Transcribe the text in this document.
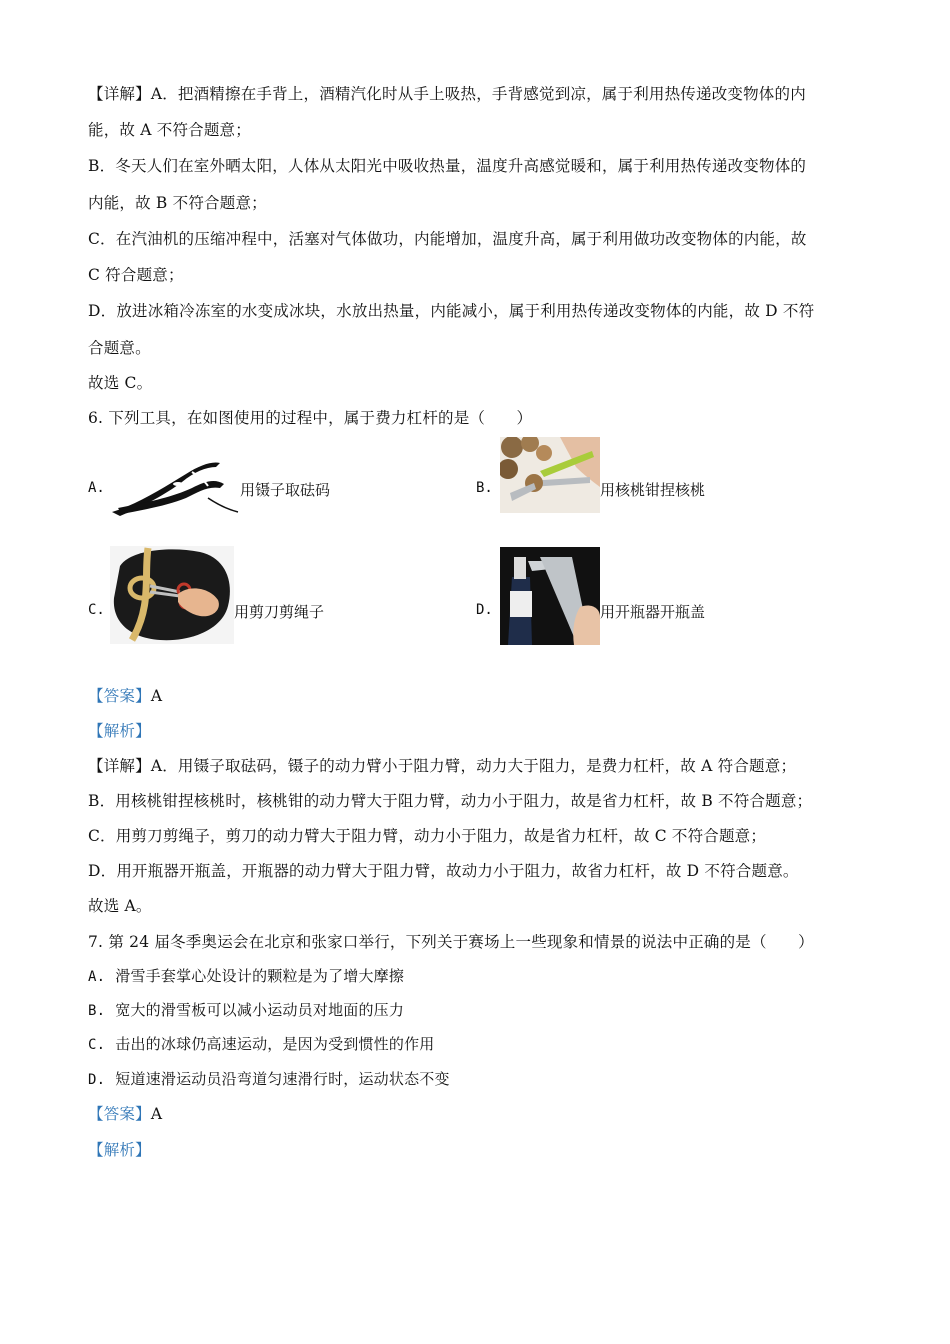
【详解】A．把酒精擦在手背上，酒精汽化时从手上吸热，手背感觉到凉，属于利用热传递改变物体的内
能，故 A 不符合题意；
B．冬天人们在室外晒太阳，人体从太阳光中吸收热量，温度升高感觉暖和，属于利用热传递改变物体的
内能，故 B 不符合题意；
C．在汽油机的压缩冲程中，活塞对气体做功，内能增加，温度升高，属于利用做功改变物体的内能，故
C 符合题意；
D．放进冰箱冷冻室的水变成冰块，水放出热量，内能减小，属于利用热传递改变物体的内能，故 D 不符
合题意。
故选 C。
6. 下列工具，在如图使用的过程中，属于费力杠杆的是（　　）
A.	用镊子取砝码	B.	用核桃钳捏核桃
C.	用剪刀剪绳子	D.	用开瓶器开瓶盖
【答案】A
【解析】
【详解】A．用镊子取砝码，镊子的动力臂小于阻力臂，动力大于阻力，是费力杠杆，故 A 符合题意；
B．用核桃钳捏核桃时，核桃钳的动力臂大于阻力臂，动力小于阻力，故是省力杠杆，故 B 不符合题意；
C．用剪刀剪绳子，剪刀的动力臂大于阻力臂，动力小于阻力，故是省力杠杆，故 C 不符合题意；
D．用开瓶器开瓶盖，开瓶器的动力臂大于阻力臂，故动力小于阻力，故省力杠杆，故 D 不符合题意。
故选 A。
7. 第 24 届冬季奥运会在北京和张家口举行，下列关于赛场上一些现象和情景的说法中正确的是（　　）
A. 滑雪手套掌心处设计的颗粒是为了增大摩擦
B. 宽大的滑雪板可以减小运动员对地面的压力
C. 击出的冰球仍高速运动，是因为受到惯性的作用
D. 短道速滑运动员沿弯道匀速滑行时，运动状态不变
【答案】A
【解析】
